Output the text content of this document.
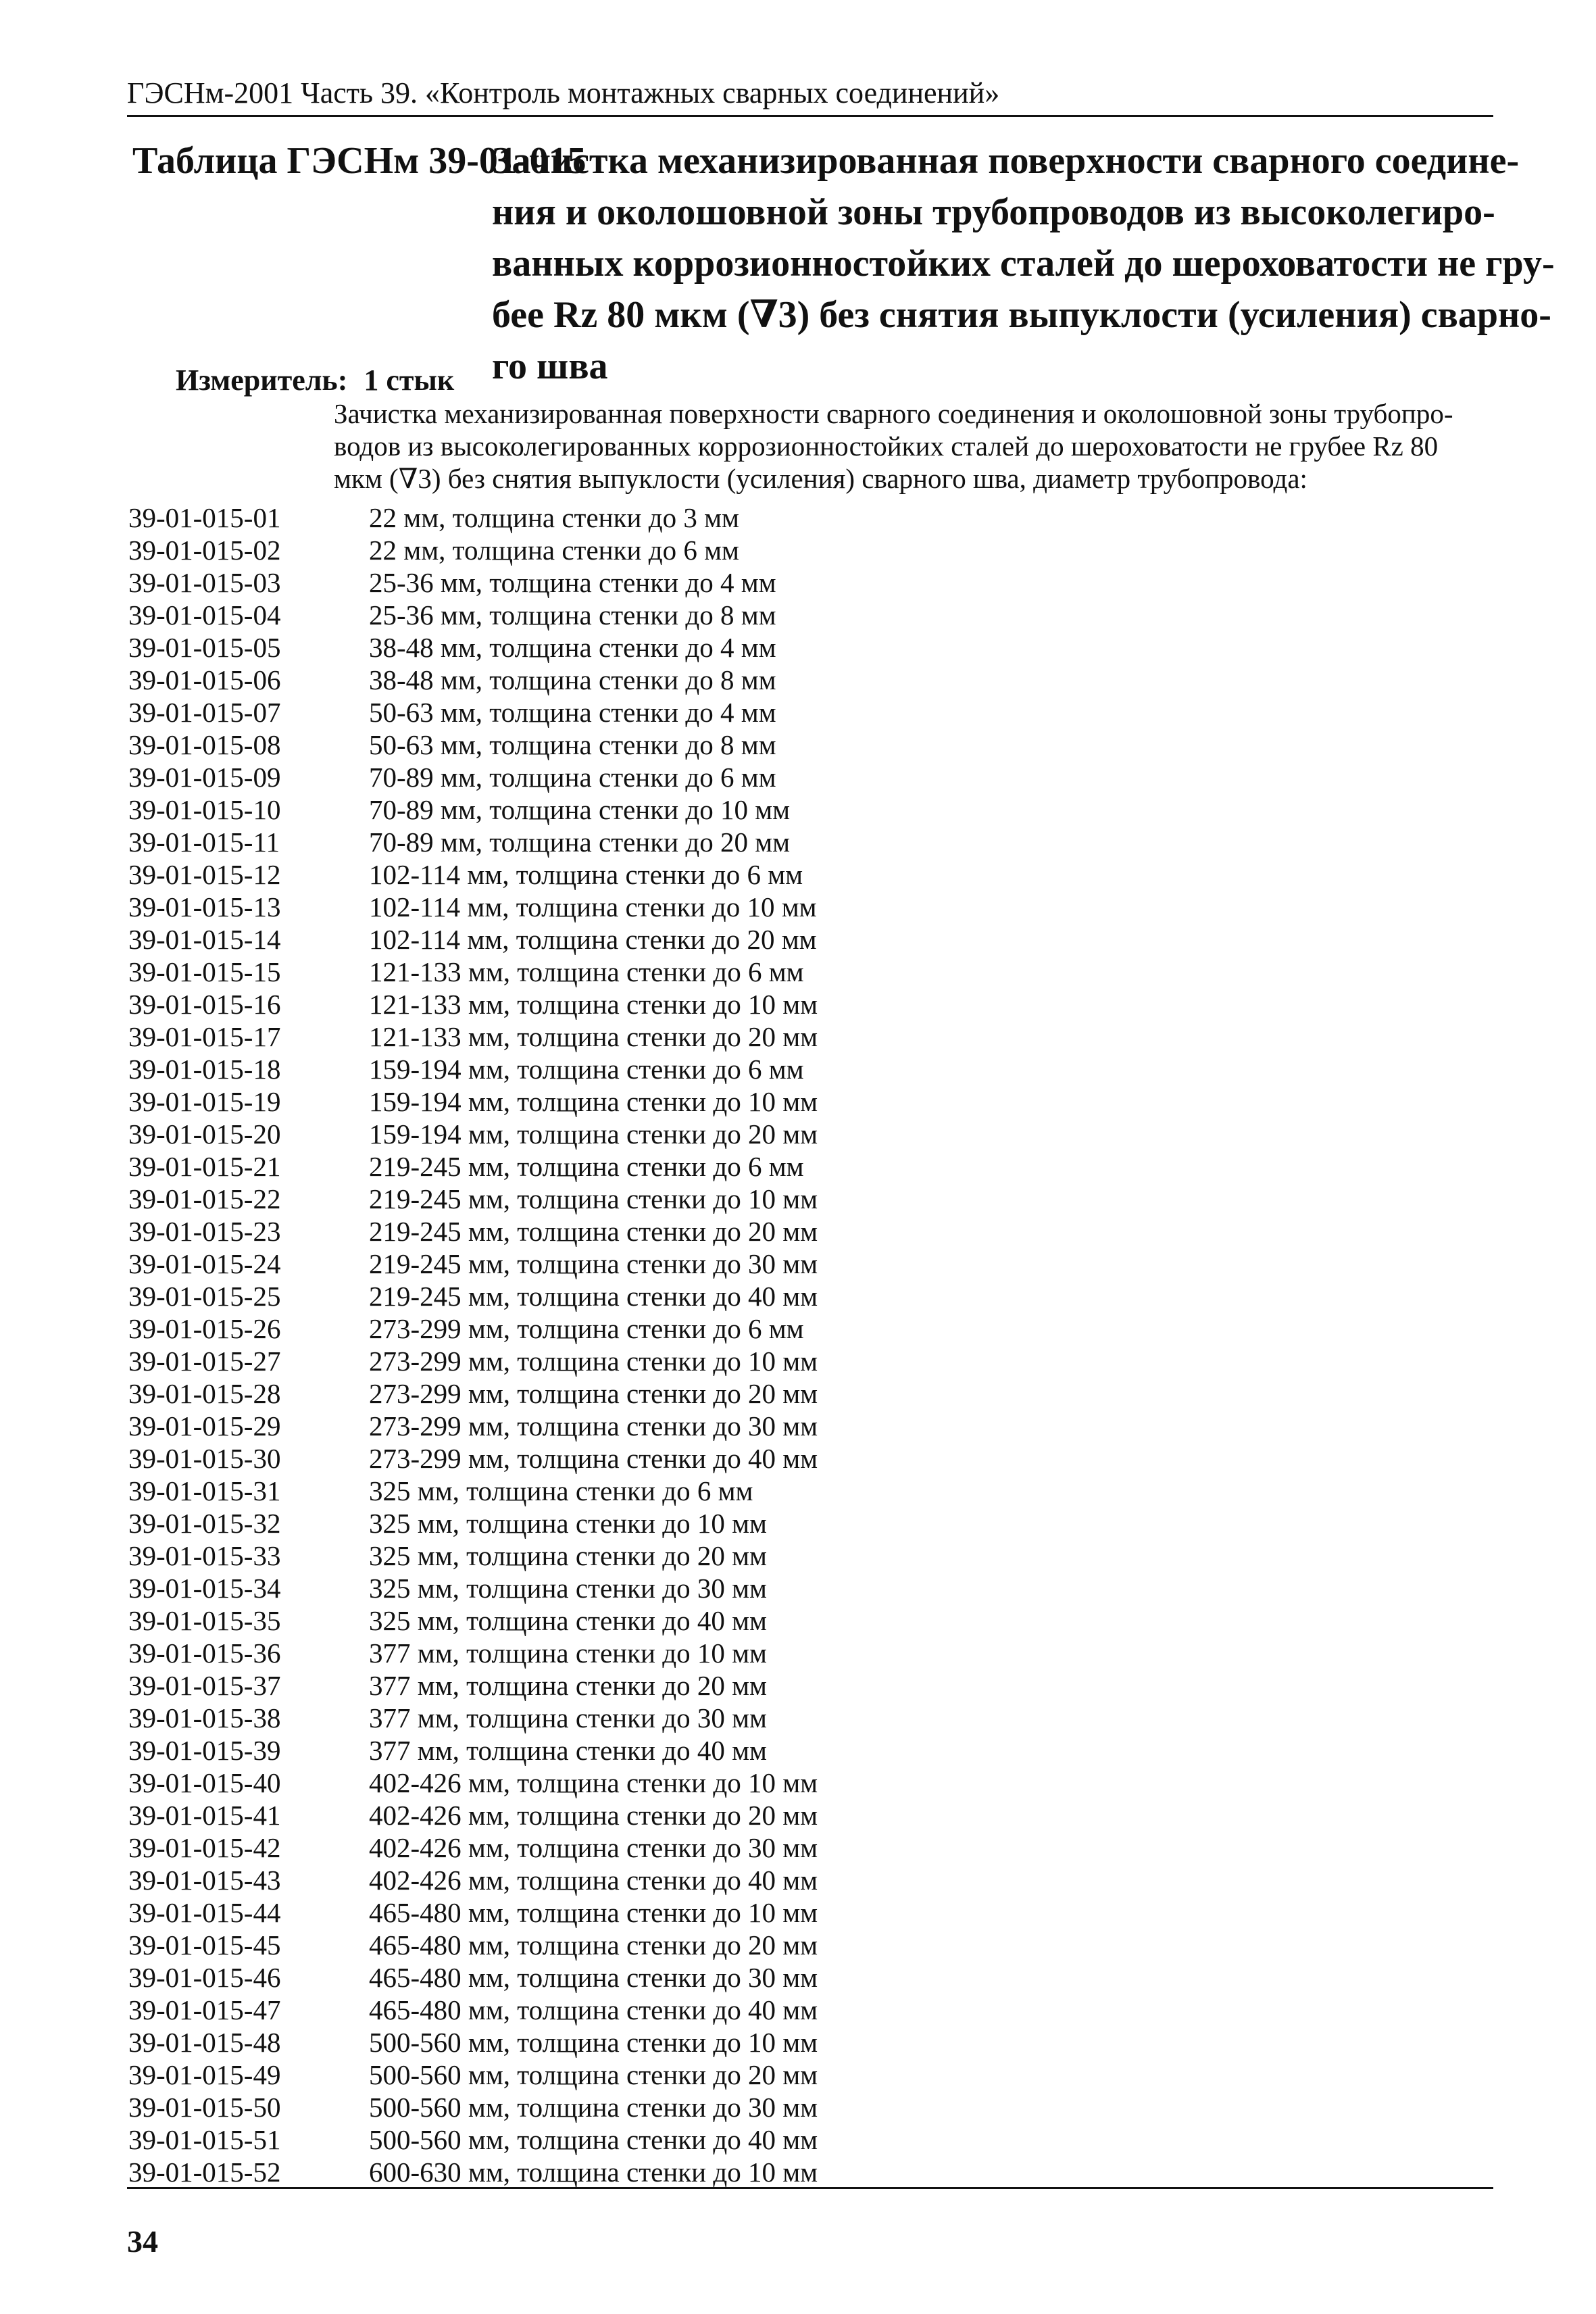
ГЭСНм-2001 Часть 39. «Контроль монтажных сварных соединений»
Таблица ГЭСНм 39-01-015
Зачистка механизированная поверхности сварного соедине-
ния и околошовной зоны трубопроводов из высоколегиро-
ванных коррозионностойких сталей до шероховатости не гру-
бее Rz 80 мкм (∇3) без снятия выпуклости (усиления) сварно-
го шва
Измеритель: 1 стык
Зачистка механизированная поверхности сварного соединения и околошовной зоны трубопро-
водов из высоколегированных коррозионностойких сталей до шероховатости не грубее Rz 80
мкм (∇3) без снятия выпуклости (усиления) сварного шва, диаметр трубопровода:
39-01-015-01	22 мм, толщина стенки до 3 мм
39-01-015-02	22 мм, толщина стенки до 6 мм
39-01-015-03	25-36 мм, толщина стенки до 4 мм
39-01-015-04	25-36 мм, толщина стенки до 8 мм
39-01-015-05	38-48 мм, толщина стенки до 4 мм
39-01-015-06	38-48 мм, толщина стенки до 8 мм
39-01-015-07	50-63 мм, толщина стенки до 4 мм
39-01-015-08	50-63 мм, толщина стенки до 8 мм
39-01-015-09	70-89 мм, толщина стенки до 6 мм
39-01-015-10	70-89 мм, толщина стенки до 10 мм
39-01-015-11	70-89 мм, толщина стенки до 20 мм
39-01-015-12	102-114 мм, толщина стенки до 6 мм
39-01-015-13	102-114 мм, толщина стенки до 10 мм
39-01-015-14	102-114 мм, толщина стенки до 20 мм
39-01-015-15	121-133 мм, толщина стенки до 6 мм
39-01-015-16	121-133 мм, толщина стенки до 10 мм
39-01-015-17	121-133 мм, толщина стенки до 20 мм
39-01-015-18	159-194 мм, толщина стенки до 6 мм
39-01-015-19	159-194 мм, толщина стенки до 10 мм
39-01-015-20	159-194 мм, толщина стенки до 20 мм
39-01-015-21	219-245 мм, толщина стенки до 6 мм
39-01-015-22	219-245 мм, толщина стенки до 10 мм
39-01-015-23	219-245 мм, толщина стенки до 20 мм
39-01-015-24	219-245 мм, толщина стенки до 30 мм
39-01-015-25	219-245 мм, толщина стенки до 40 мм
39-01-015-26	273-299 мм, толщина стенки до 6 мм
39-01-015-27	273-299 мм, толщина стенки до 10 мм
39-01-015-28	273-299 мм, толщина стенки до 20 мм
39-01-015-29	273-299 мм, толщина стенки до 30 мм
39-01-015-30	273-299 мм, толщина стенки до 40 мм
39-01-015-31	325 мм, толщина стенки до 6 мм
39-01-015-32	325 мм, толщина стенки до 10 мм
39-01-015-33	325 мм, толщина стенки до 20 мм
39-01-015-34	325 мм, толщина стенки до 30 мм
39-01-015-35	325 мм, толщина стенки до 40 мм
39-01-015-36	377 мм, толщина стенки до 10 мм
39-01-015-37	377 мм, толщина стенки до 20 мм
39-01-015-38	377 мм, толщина стенки до 30 мм
39-01-015-39	377 мм, толщина стенки до 40 мм
39-01-015-40	402-426 мм, толщина стенки до 10 мм
39-01-015-41	402-426 мм, толщина стенки до 20 мм
39-01-015-42	402-426 мм, толщина стенки до 30 мм
39-01-015-43	402-426 мм, толщина стенки до 40 мм
39-01-015-44	465-480 мм, толщина стенки до 10 мм
39-01-015-45	465-480 мм, толщина стенки до 20 мм
39-01-015-46	465-480 мм, толщина стенки до 30 мм
39-01-015-47	465-480 мм, толщина стенки до 40 мм
39-01-015-48	500-560 мм, толщина стенки до 10 мм
39-01-015-49	500-560 мм, толщина стенки до 20 мм
39-01-015-50	500-560 мм, толщина стенки до 30 мм
39-01-015-51	500-560 мм, толщина стенки до 40 мм
39-01-015-52	600-630 мм, толщина стенки до 10 мм
34
